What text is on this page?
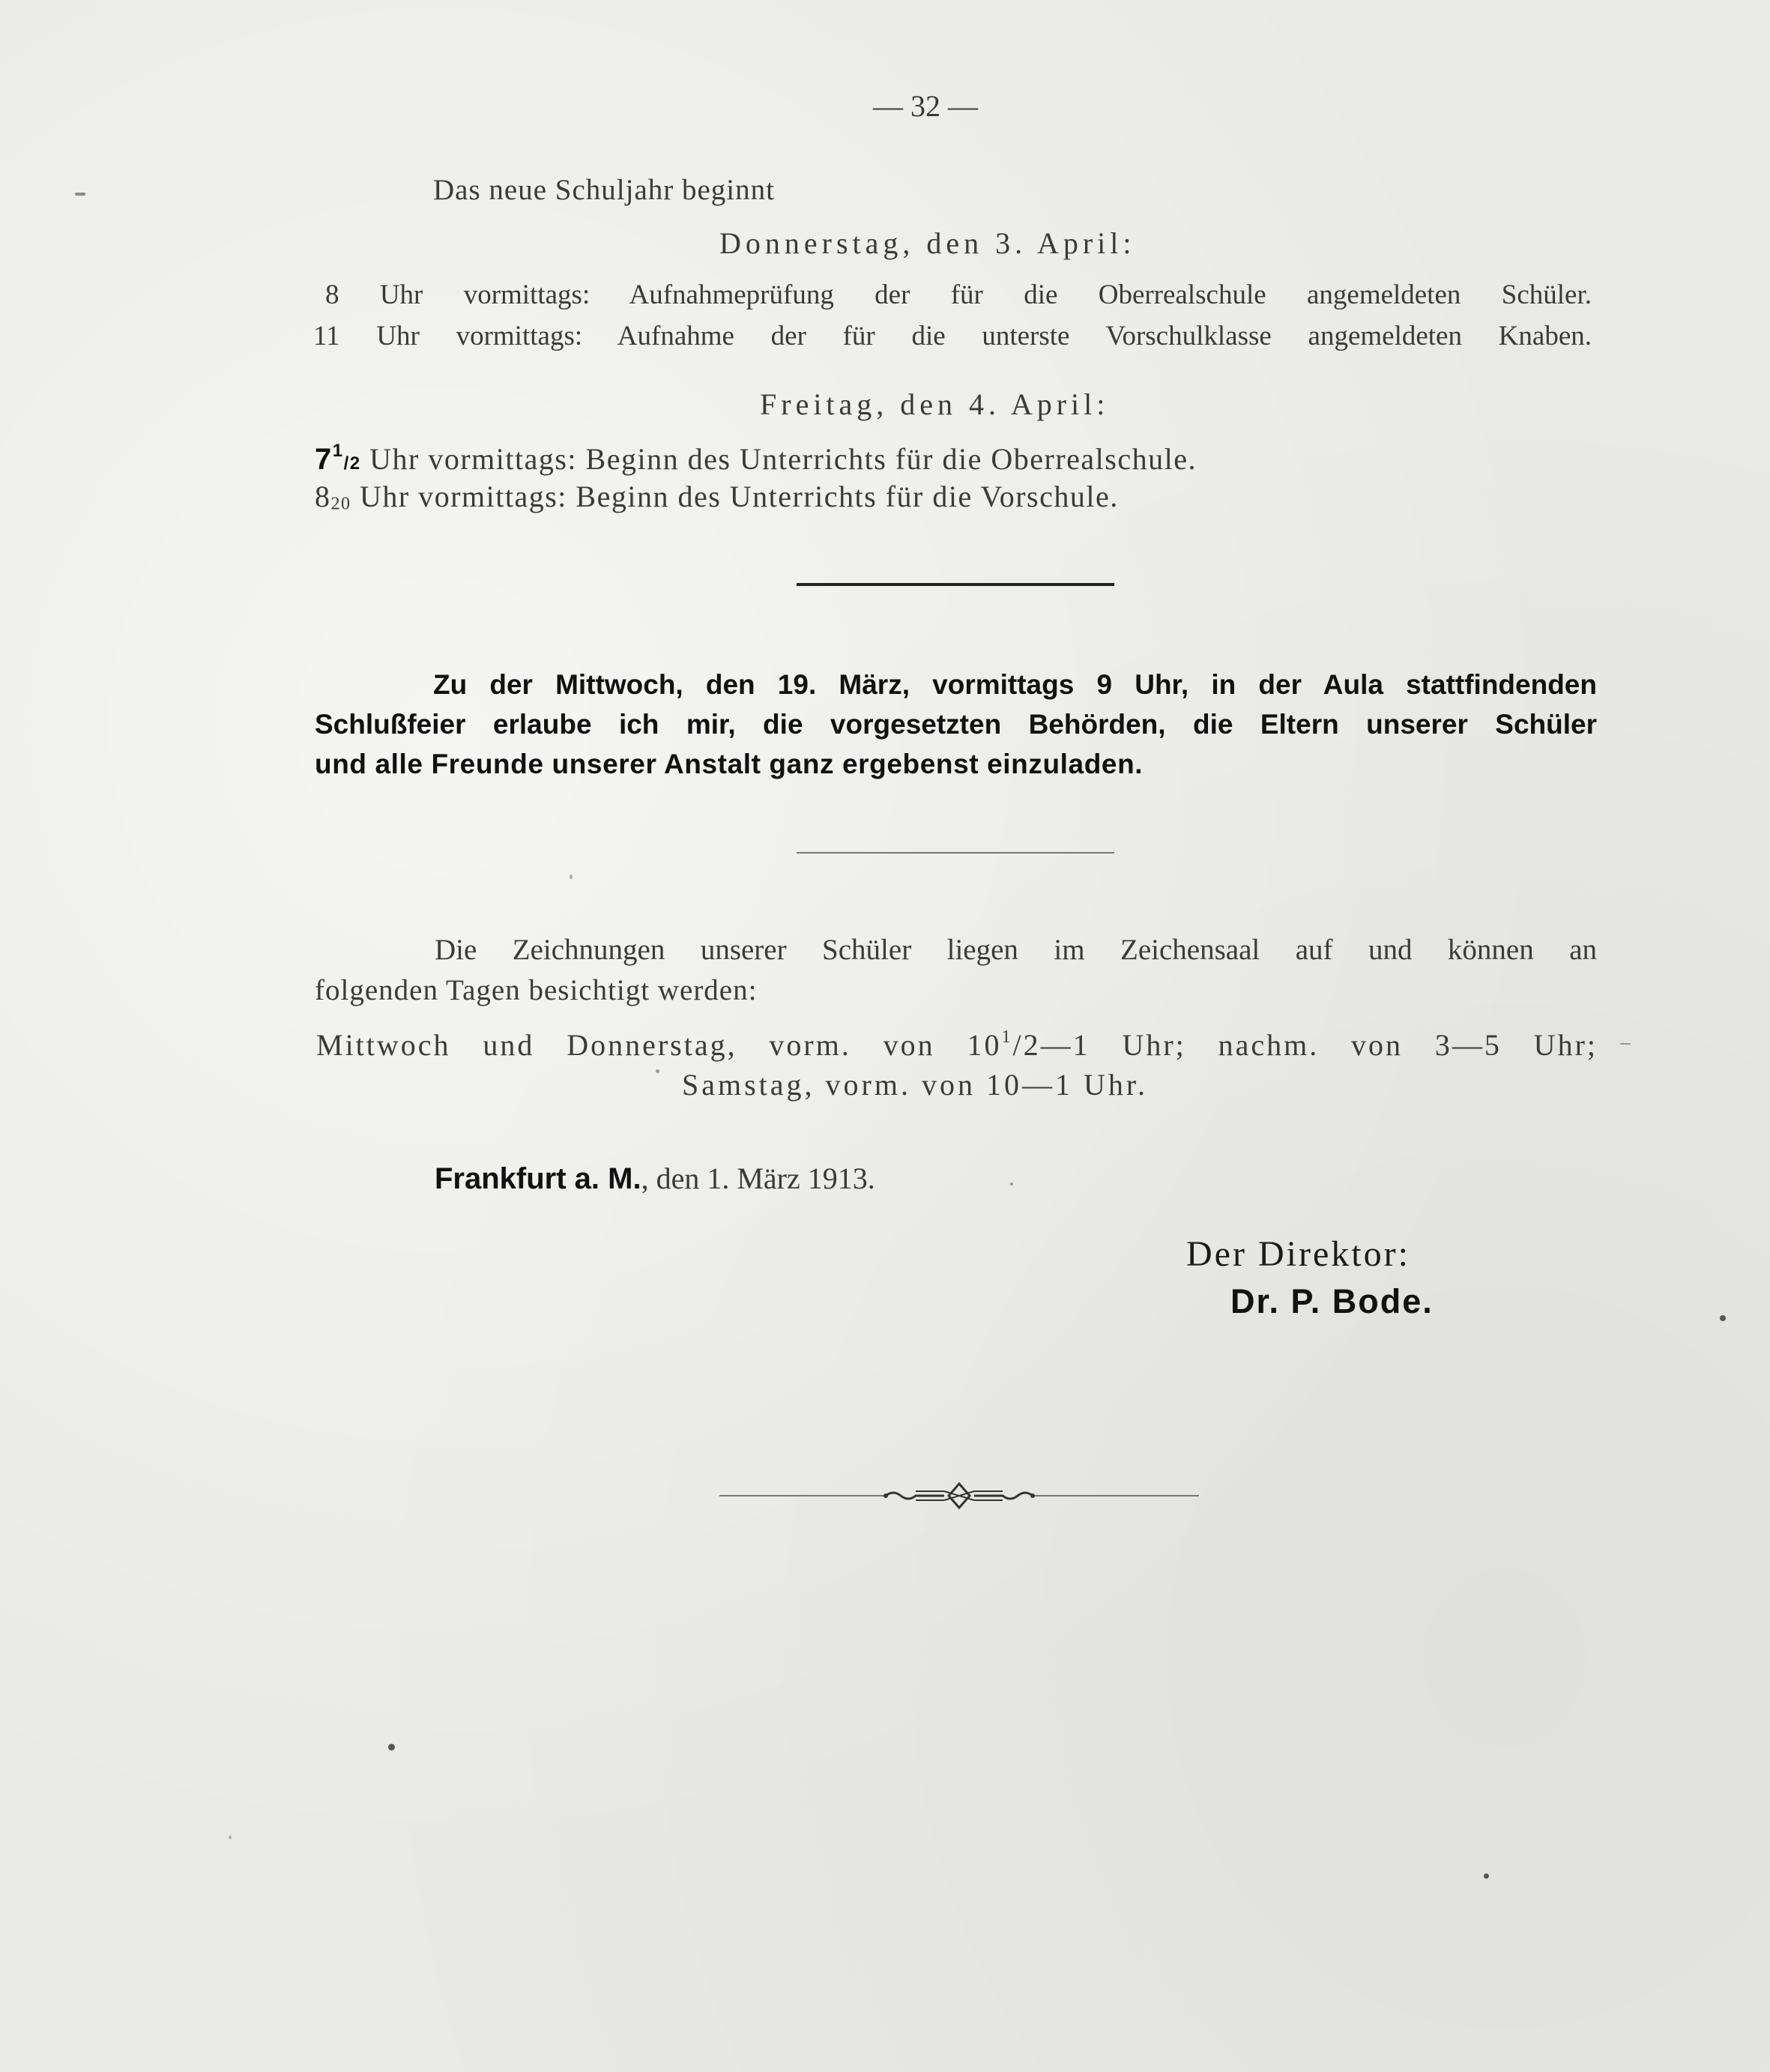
— 32 —
Das neue Schuljahr beginnt
Donnerstag, den 3. April:
8 Uhr vormittags: Aufnahmeprüfung der für die Oberrealschule angemeldeten Schüler.
11 Uhr vormittags: Aufnahme der für die unterste Vorschulklasse angemeldeten Knaben.
Freitag, den 4. April:
$7^1/2$ Uhr vormittags: Beginn des Unterrichts für die Oberrealschule.
820 Uhr vormittags: Beginn des Unterrichts für die Vorschule.
Zu der Mittwoch, den 19. März, vormittags 9 Uhr, in der Aula stattfindenden
Schlußfeier erlaube ich mir, die vorgesetzten Behörden, die Eltern unserer Schüler
und alle Freunde unserer Anstalt ganz ergebenst einzuladen.
Die Zeichnungen unserer Schüler liegen im Zeichensaal auf und können an
folgenden Tagen besichtigt werden:
Mittwoch und Donnerstag, vorm. von $10^1/2—1$ Uhr; nachm. von 3—5 Uhr;
Samstag, vorm. von 10—1 Uhr.
Frankfurt a. M., den 1. März 1913.
Der Direktor:
Dr. P. Bode.
